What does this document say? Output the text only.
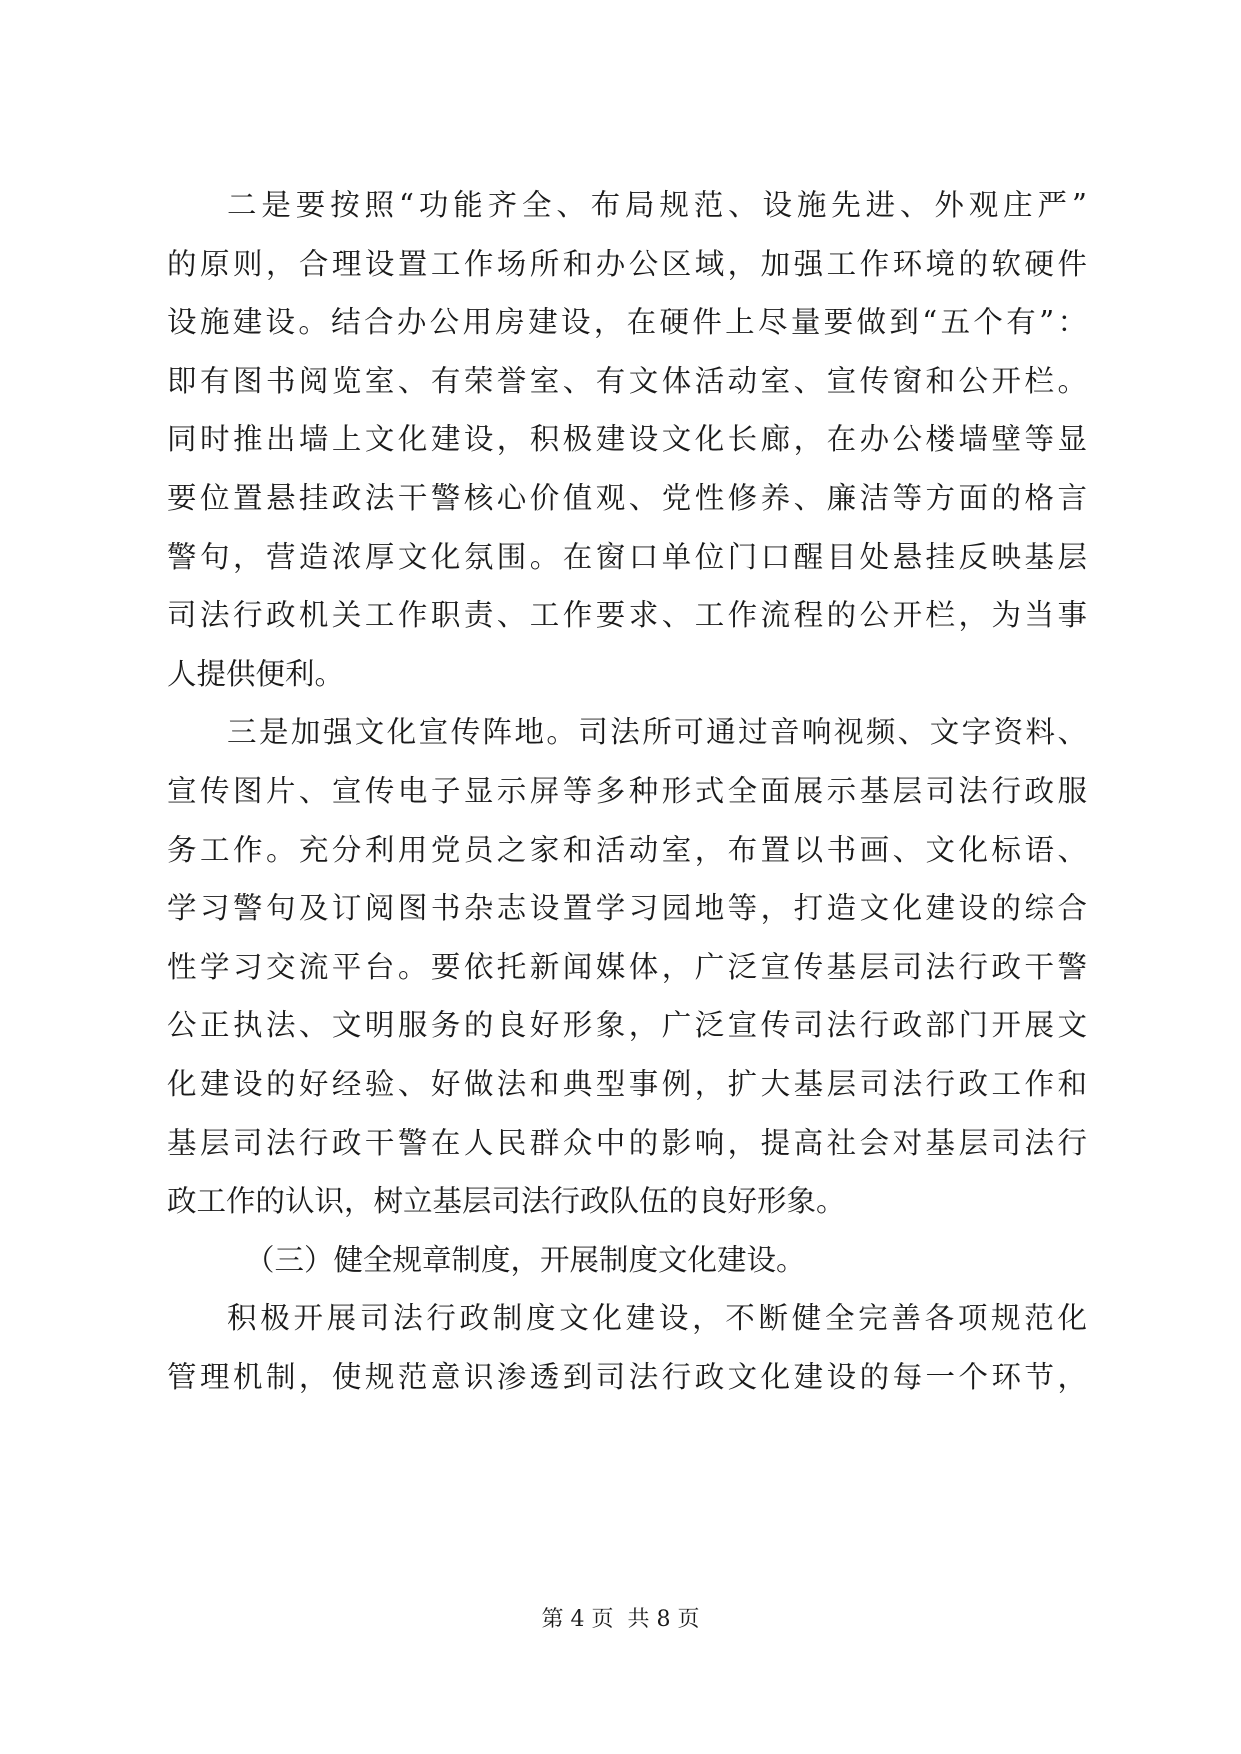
二是要按照“功能齐全、布局规范、设施先进、外观庄严”
的原则，合理设置工作场所和办公区域，加强工作环境的软硬件
设施建设。结合办公用房建设，在硬件上尽量要做到“五个有”：
即有图书阅览室、有荣誉室、有文体活动室、宣传窗和公开栏。
同时推出墙上文化建设，积极建设文化长廊，在办公楼墙壁等显
要位置悬挂政法干警核心价值观、党性修养、廉洁等方面的格言
警句，营造浓厚文化氛围。在窗口单位门口醒目处悬挂反映基层
司法行政机关工作职责、工作要求、工作流程的公开栏，为当事
人提供便利。
三是加强文化宣传阵地。司法所可通过音响视频、文字资料、
宣传图片、宣传电子显示屏等多种形式全面展示基层司法行政服
务工作。充分利用党员之家和活动室，布置以书画、文化标语、
学习警句及订阅图书杂志设置学习园地等，打造文化建设的综合
性学习交流平台。要依托新闻媒体，广泛宣传基层司法行政干警
公正执法、文明服务的良好形象，广泛宣传司法行政部门开展文
化建设的好经验、好做法和典型事例，扩大基层司法行政工作和
基层司法行政干警在人民群众中的影响，提高社会对基层司法行
政工作的认识，树立基层司法行政队伍的良好形象。
（三）健全规章制度，开展制度文化建设。
积极开展司法行政制度文化建设，不断健全完善各项规范化
管理机制，使规范意识渗透到司法行政文化建设的每一个环节，
第 4 页  共 8 页
